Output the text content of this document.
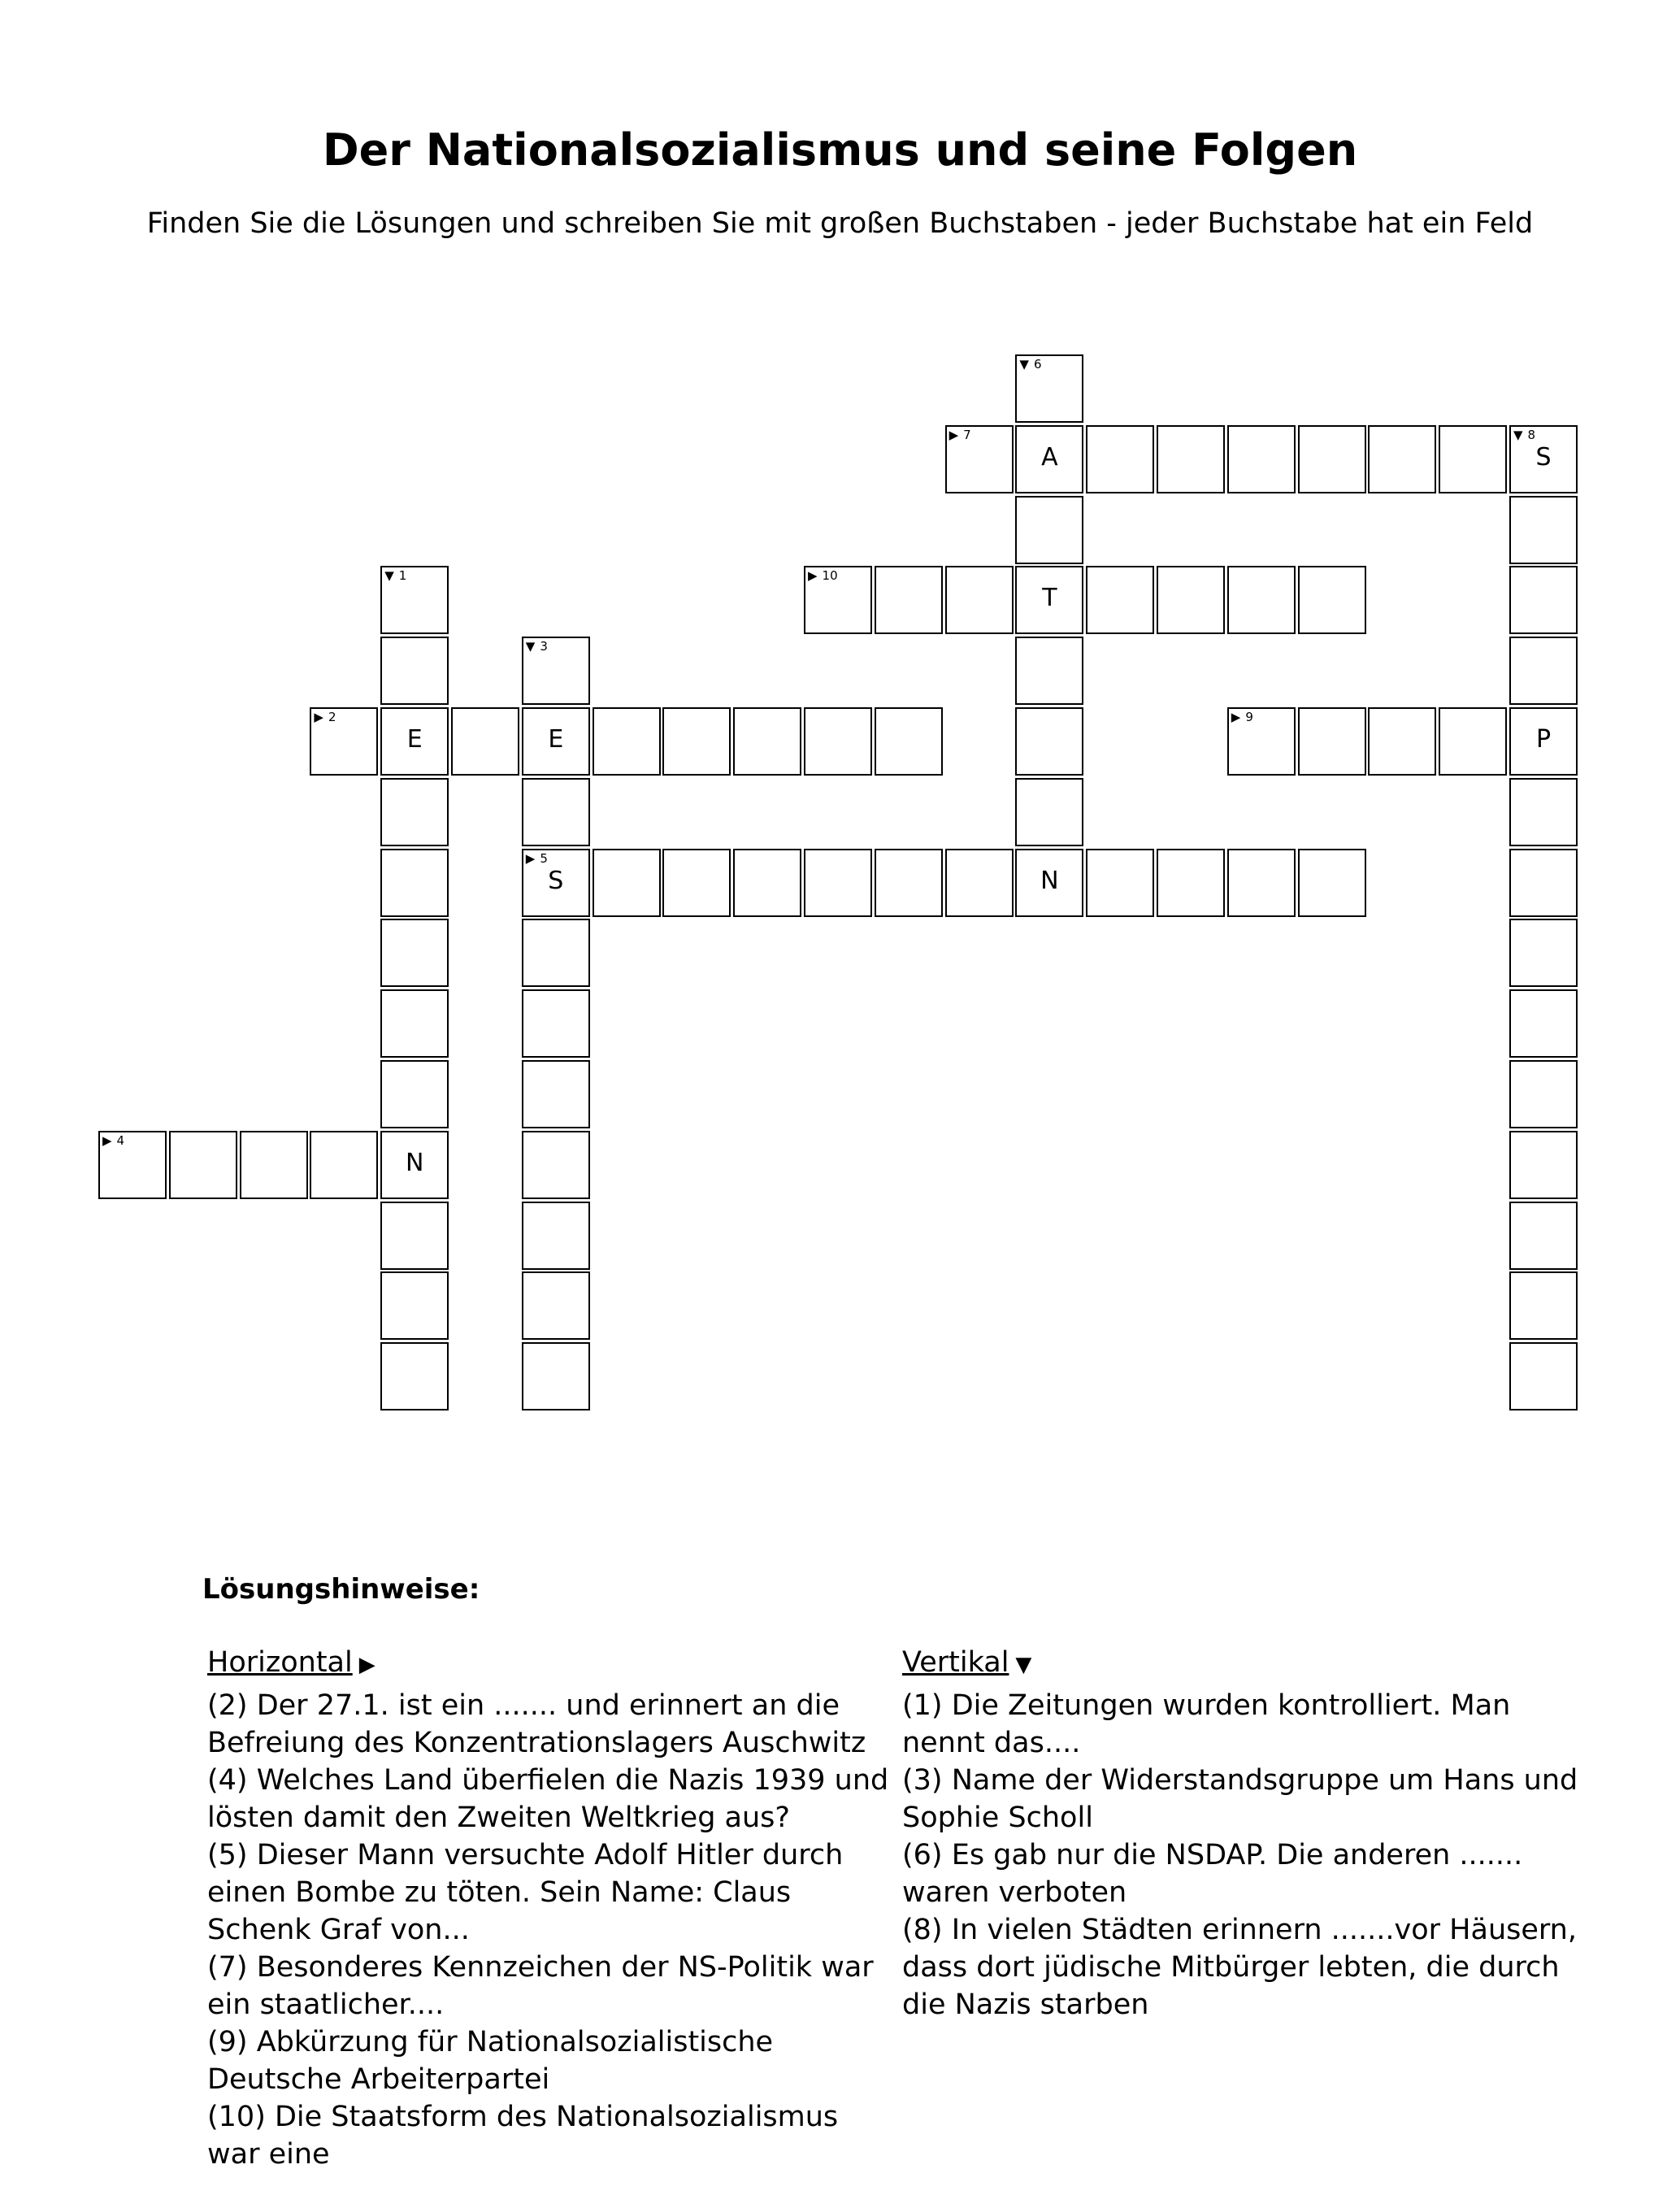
Der Nationalsozialismus und seine Folgen
Finden Sie die Lösungen und schreiben Sie mit großen Buchstaben - jeder Buchstabe hat ein Feld
▼ 1
E
N
▶ 2
E
▼ 3
▶ 5
S
▶ 4
N
▼ 6
A
T
▶ 7	▼ 8
S
P
▶ 9
▶ 10
Lösungshinweise:
Horizontal ▶
(2) Der 27.1. ist ein ....... und erinnert an die Befreiung des Konzentrationslagers Auschwitz
(4) Welches Land überfielen die Nazis 1939 und lösten damit den Zweiten Weltkrieg aus?
(5) Dieser Mann versuchte Adolf Hitler durch einen Bombe zu töten. Sein Name: Claus Schenk Graf von...
(7) Besonderes Kennzeichen der NS-Politik war ein staatlicher....
(9) Abkürzung für Nationalsozialistische Deutsche Arbeiterpartei
(10) Die Staatsform des Nationalsozialismus war eine
Vertikal ▼
(1) Die Zeitungen wurden kontrolliert. Man nennt das....
(3) Name der Widerstandsgruppe um Hans und Sophie Scholl
(6) Es gab nur die NSDAP. Die anderen ....... waren verboten
(8) In vielen Städten erinnern .......vor Häusern, dass dort jüdische Mitbürger lebten, die durch die Nazis starben
